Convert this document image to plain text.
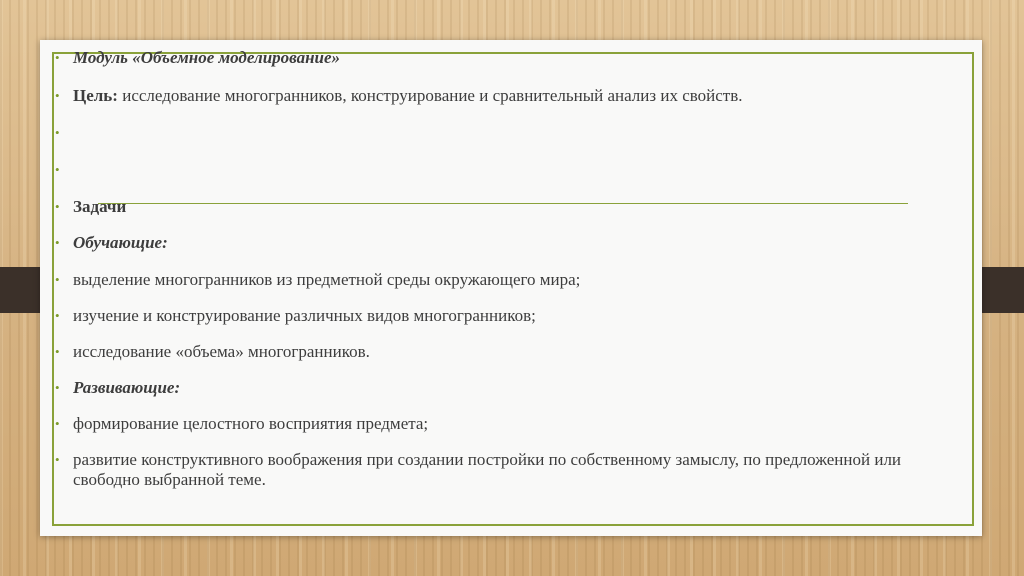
• Модуль «Объемное моделирование»
• Цель: исследование многогранников, конструирование и сравнительный анализ их свойств.
•
•
• Задачи
• Обучающие:
• выделение многогранников из предметной среды окружающего мира;
• изучение и конструирование различных видов многогранников;
• исследование «объема» многогранников.
• Развивающие:
• формирование целостного восприятия предмета;
• развитие конструктивного воображения при создании постройки по собственному замыслу, по предложенной или свободно выбранной теме.
